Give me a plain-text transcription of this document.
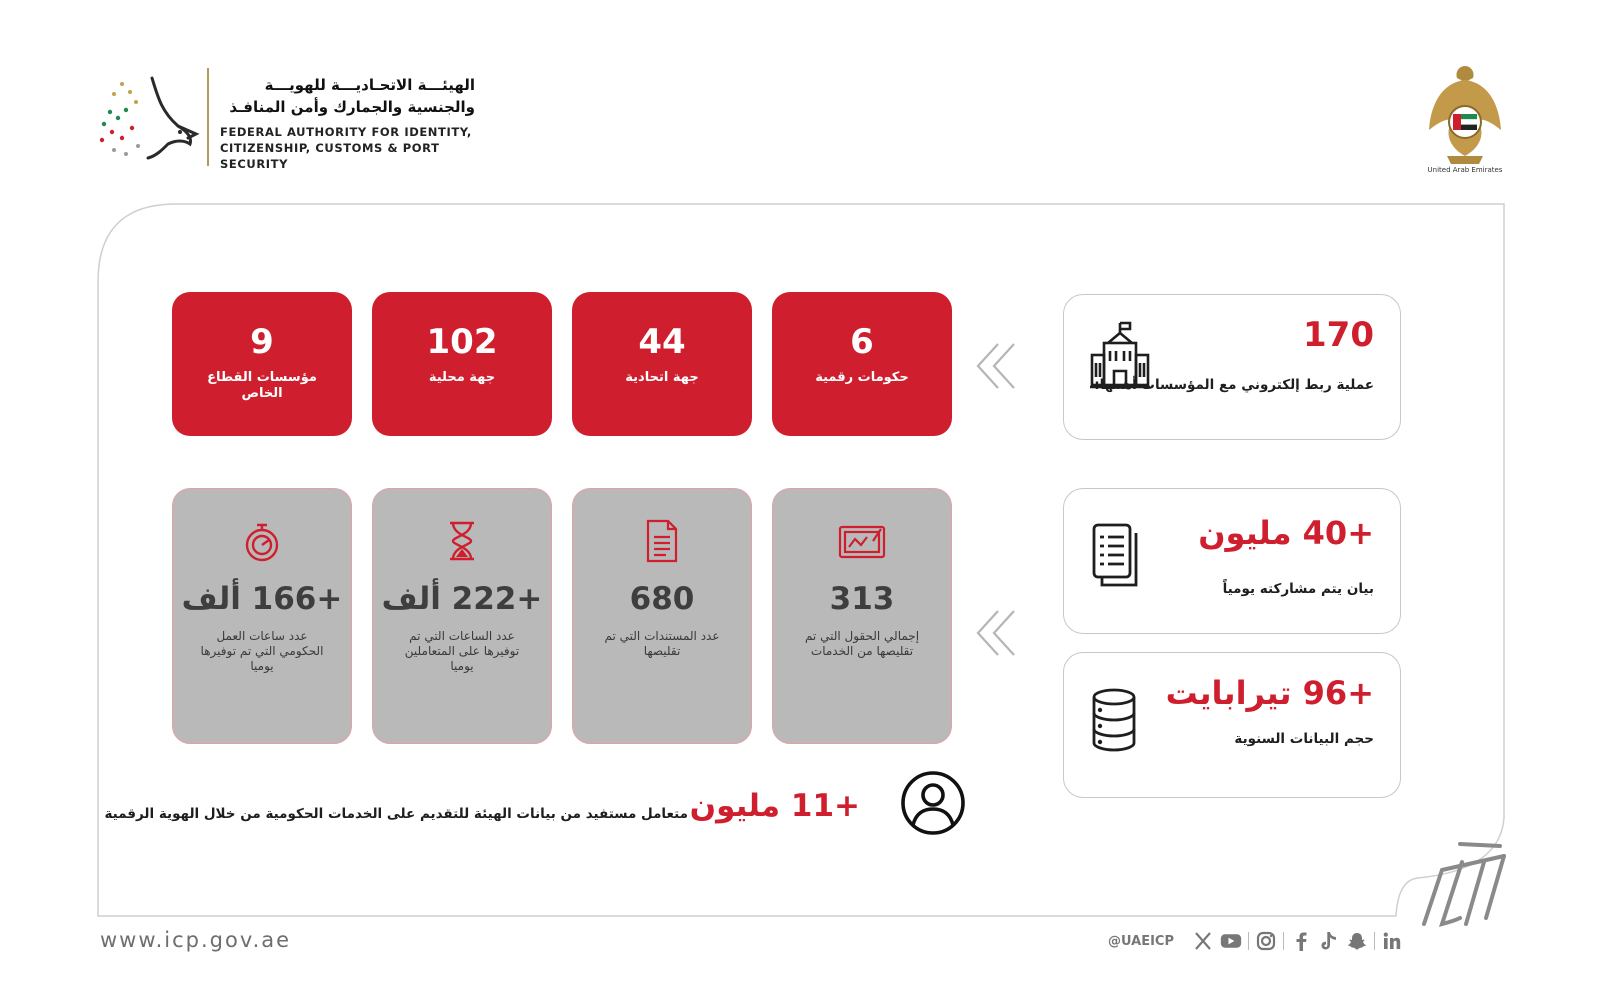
الهيئـــة الاتحـاديـــة للهويـــة
والجنسية والجمارك وأمن المنافـذ
FEDERAL AUTHORITY FOR IDENTITY,
CITIZENSHIP, CUSTOMS & PORT SECURITY	United Arab Emirates
9
مؤسسات القطاع الخاص
102
جهة محلية
44
جهة اتحادية
6
حكومات رقمية
+166 ألف
عدد ساعات العمل الحكومي التي تم توفيرها يوميا
+222 ألف
عدد الساعات التي تم توفيرها على المتعاملين يوميا
680
عدد المستندات التي تم تقليصها
313
إجمالي الحقول التي تم تقليصها من الخدمات
170
عملية ربط إلكتروني مع المؤسسات أهمها:
+40 مليون
بيان يتم مشاركته يومياً
+96 تيرابايت
حجم البيانات السنوية
+11 مليون
متعامل مستفيد من بيانات الهيئة للتقديم على الخدمات الحكومية من خلال الهوية الرقمية
www.icp.gov.ae	@UAEICP
